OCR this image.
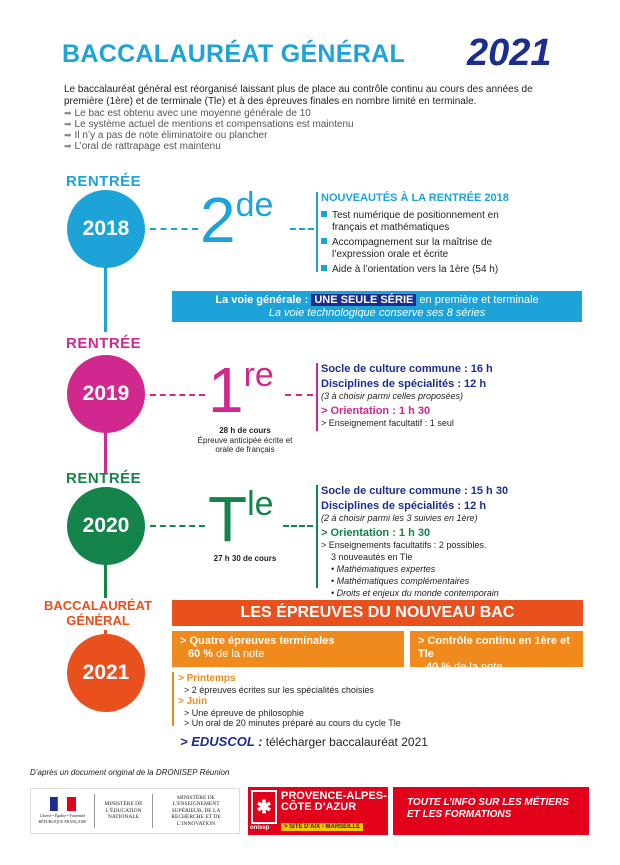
BACCALAURÉAT GÉNÉRAL 2021

Le baccalauréat général est réorganisé laissant plus de place au contrôle continu au cours des années de première (1ère) et de terminale (Tle) et à des épreuves finales en nombre limité en terminale.

➡ Le bac est obtenu avec une moyenne générale de 10
➡ Le système actuel de mentions et compensations est maintenu
➡ Il n’y a pas de note éliminatoire ou plancher
➡ L’oral de rattrapage est maintenu
RENTRÉE
2018 2de	NOUVEAUTÉS À LA RENTRÉE 2018
Test numérique de positionnement en français et mathématiques
Accompagnement sur la maîtrise de l’expression orale et écrite
Aide à l’orientation vers la 1ère (54 h)
La voie générale : UNE SEULE SÉRIE en première et terminale
La voie technologique conserve ses 8 séries
RENTRÉE
2019 1re
28 h de cours
Épreuve anticipée écrite et orale de français
Socle de culture commune : 16 h
Disciplines de spécialités : 12 h
(3 à choisir parmi celles proposées)
> Orientation : 1 h 30
> Enseignement facultatif : 1 seul
RENTRÉE
2020 $T^{le}$
27 h 30 de cours
Socle de culture commune : 15 h 30
Disciplines de spécialités : 12 h
(2 à choisir parmi les 3 suivies en 1ère)
> Orientation : 1 h 30
> Enseignements facultatifs : 2 possibles.
3 nouveautés en Tle
• Mathématiques expertes
• Mathématiques complémentaires
• Droits et enjeux du monde contemporain
BACCALAURÉAT
GÉNÉRAL
2021
LES ÉPREUVES DU NOUVEAU BAC
> Quatre épreuves terminales
60 % de la note
> Contrôle continu en 1ère et Tle
40 % de la note
> Printemps
> 2 épreuves écrites sur les spécialités choisies
> Juin
> Une épreuve de philosophie
> Un oral de 20 minutes préparé au cours du cycle Tle
> EDUSCOL : télécharger baccalauréat 2021
D’après un document original de la DRONISEP Réunion
Liberté • Égalité • Fraternité
RÉPUBLIQUE FRANÇAISE
MINISTÈRE DE L’ÉDUCATION NATIONALE
MINISTÈRE DE L’ENSEIGNEMENT SUPÉRIEUR, DE LA RECHERCHE ET DE L’INNOVATION
✱
onisep
PROVENCE-ALPES-
CÔTE D’AZUR
> SITE D’AIX - MARSEILLE
TOUTE L’INFO SUR LES MÉTIERS
ET LES FORMATIONS
